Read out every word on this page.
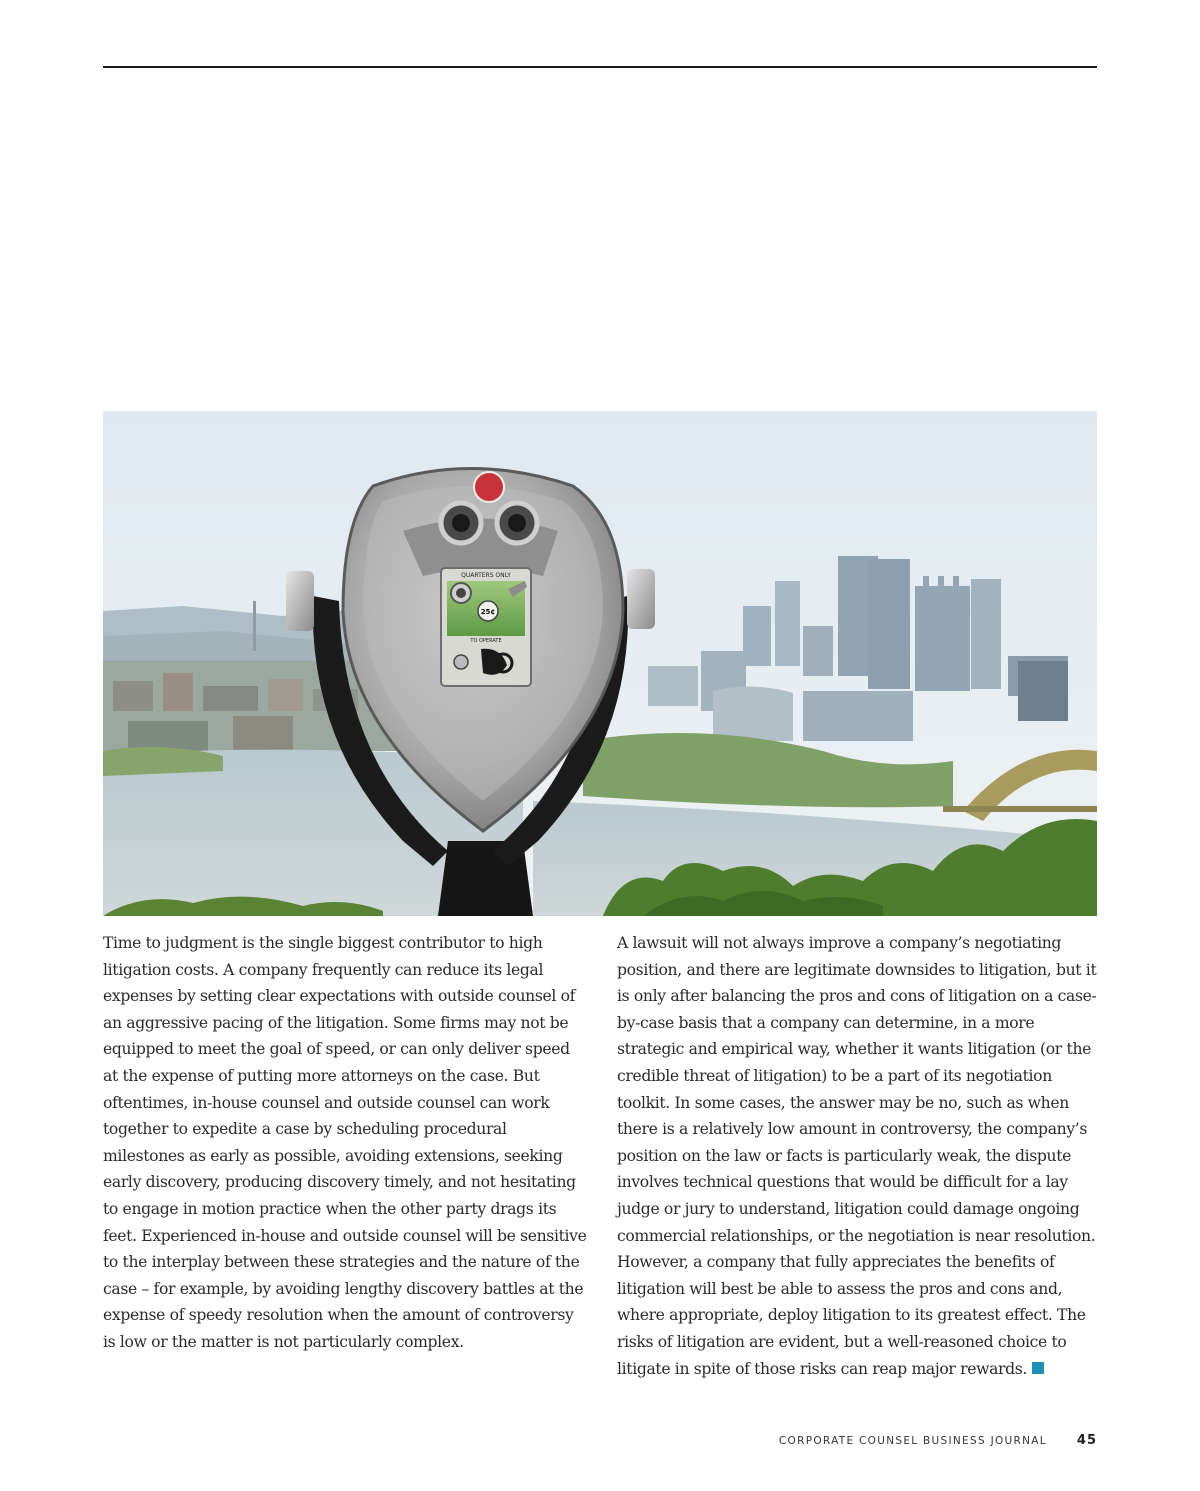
QUARTERS ONLY
25¢
TO OPERATE

Time to judgment is the single biggest contributor to high litigation costs. A company frequently can reduce its legal expenses by setting clear expectations with outside counsel of an aggressive pacing of the litigation. Some firms may not be equipped to meet the goal of speed, or can only deliver speed at the expense of putting more attorneys on the case. But oftentimes, in-house counsel and outside counsel can work together to expedite a case by scheduling procedural milestones as early as possible, avoiding extensions, seeking early discovery, producing discovery timely, and not hesitating to engage in motion practice when the other party drags its feet. Experienced in-house and outside counsel will be sensitive to the interplay between these strategies and the nature of the case – for example, by avoiding lengthy discovery battles at the expense of speedy resolution when the amount of controversy is low or the matter is not particularly complex.

A lawsuit will not always improve a company’s negotiating position, and there are legitimate downsides to litigation, but it is only after balancing the pros and cons of litigation on a case-by-case basis that a company can determine, in a more strategic and empirical way, whether it wants litigation (or the credible threat of litigation) to be a part of its negotiation toolkit. In some cases, the answer may be no, such as when there is a relatively low amount in controversy, the company’s position on the law or facts is particularly weak, the dispute involves technical questions that would be difficult for a lay judge or jury to understand, litigation could damage ongoing commercial relationships, or the negotiation is near resolution. However, a company that fully appreciates the benefits of litigation will best be able to assess the pros and cons and, where appropriate, deploy litigation to its greatest effect. The risks of litigation are evident, but a well-reasoned choice to litigate in spite of those risks can reap major rewards.

CORPORATE COUNSEL BUSINESS JOURNAL 45
